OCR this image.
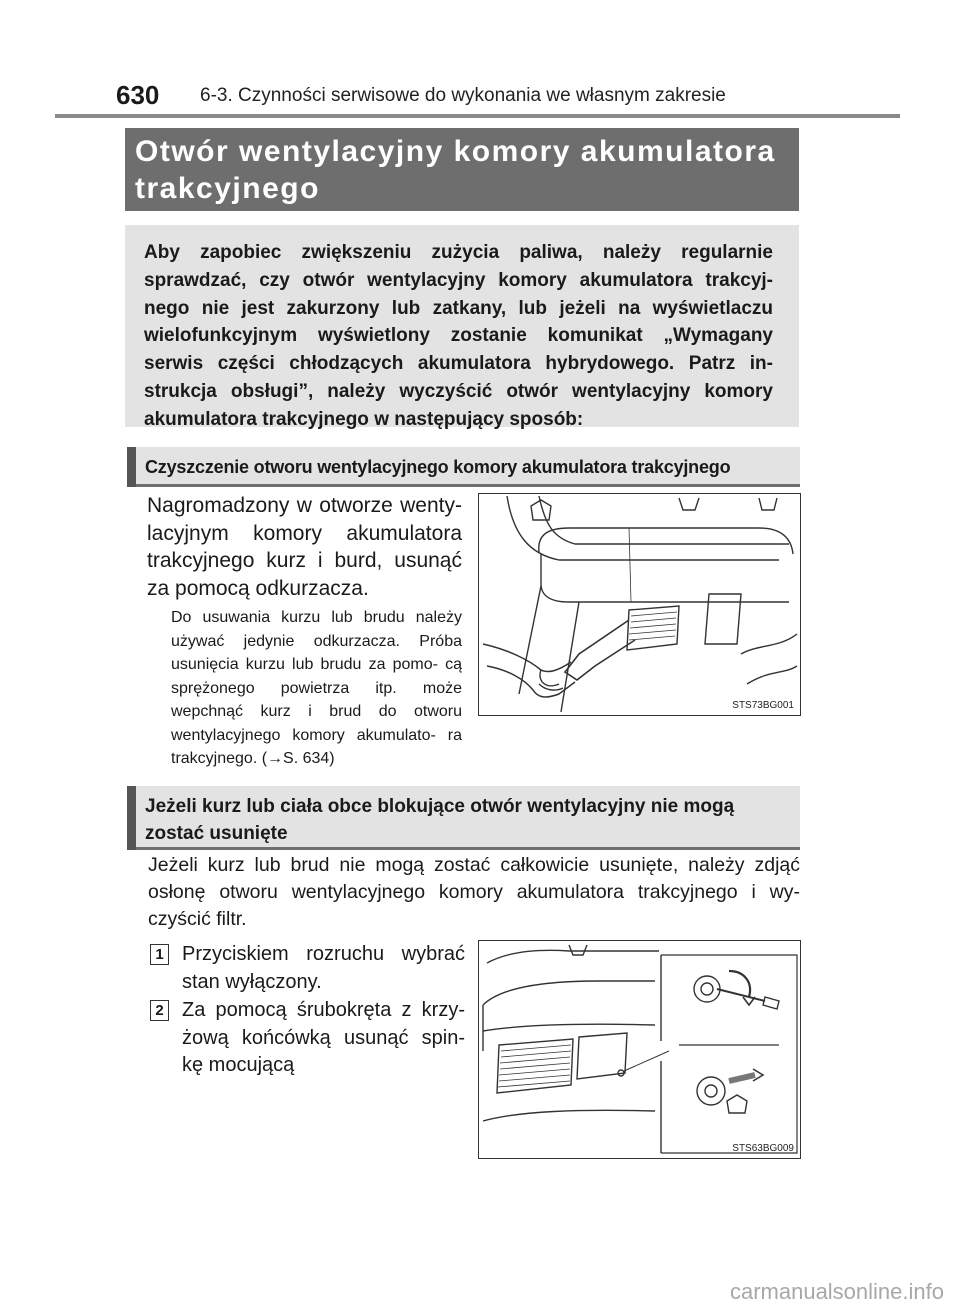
630 6-3. Czynności serwisowe do wykonania we własnym zakresie
Otwór wentylacyjny komory akumulatora
trakcyjnego
Aby zapobiec zwiększeniu zużycia paliwa, należy regularnie sprawdzać, czy otwór wentylacyjny komory akumulatora trakcyj- nego nie jest zakurzony lub zatkany, lub jeżeli na wyświetlaczu wielofunkcyjnym wyświetlony zostanie komunikat „Wymagany serwis części chłodzących akumulatora hybrydowego. Patrz in- strukcja obsługi”, należy wyczyścić otwór wentylacyjny komory akumulatora trakcyjnego w następujący sposób:
Czyszczenie otworu wentylacyjnego komory akumulatora trakcyjnego
Nagromadzony w otworze wenty- lacyjnym komory akumulatora trakcyjnego kurz i burd, usunąć za pomocą odkurzacza.
Do usuwania kurzu lub brudu należy używać jedynie odkurzacza. Próba usunięcia kurzu lub brudu za pomo- cą sprężonego powietrza itp. może wepchnąć kurz i brud do otworu wentylacyjnego komory akumulato- ra trakcyjnego. (→S. 634)
STS73BG001
Jeżeli kurz lub ciała obce blokujące otwór wentylacyjny nie mogą
zostać usunięte
Jeżeli kurz lub brud nie mogą zostać całkowicie usunięte, należy zdjąć osłonę otworu wentylacyjnego komory akumulatora trakcyjnego i wy- czyścić filtr.
1 Przyciskiem rozruchu wybrać stan wyłączony.
2 Za pomocą śrubokręta z krzy- żową końcówką usunąć spin- kę mocującą
STS63BG009
carmanualsonline.info
